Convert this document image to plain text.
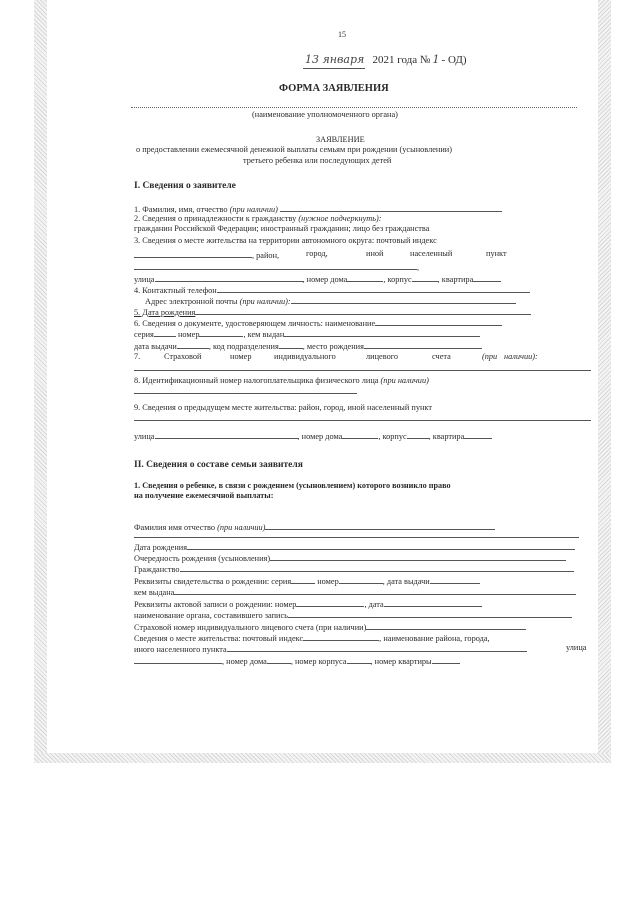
15
13 января 2021 года № 1 - ОД)
ФОРМА ЗАЯВЛЕНИЯ
(наименование уполномоченного органа)
ЗАЯВЛЕНИЕ
о предоставлении ежемесячной денежной выплаты семьям при рождении (усыновлении)
третьего ребенка или последующих детей
I. Сведения о заявителе
1. Фамилия, имя, отчество (при наличии)
2. Сведения о принадлежности к гражданству (нужное подчеркнуть):
гражданин Российской Федерации; иностранный гражданин; лицо без гражданства
3. Сведения о месте жительства на территории автономного округа: почтовый индекс
, район,	город,	иной	населенный	пункт
,
улица	, номер дома	, корпус	, квартира
4. Контактный телефон
Адрес электронной почты (при наличии):
5. Дата рождения
6. Сведения о документе, удостоверяющем личность: наименование
серия	номер	, кем выдан
дата выдачи	, код подразделения	, место рождения
7.	Страховой	номер	индивидуального	лицевого	счета	(при наличии):
8. Идентификационный номер налогоплательщика физического лица (при наличии)
9. Сведения о предыдущем месте жительства: район, город, иной населенный пункт
улица	, номер дома	, корпус	, квартира
II. Сведения о составе семьи заявителя
1. Сведения о ребенке, в связи с рождением (усыновлением) которого возникло право
на получение ежемесячной выплаты:
Фамилия имя отчество (при наличии)
Дата рождения
Очередность рождения (усыновления)
Гражданство
Реквизиты свидетельства о рождении: серия	номер	, дата выдачи
кем выдана
Реквизиты актовой записи о рождении: номер	, дата
наименование органа, составившего запись
Страховой номер индивидуального лицевого счета (при наличии)
Сведения о месте жительства: почтовый индекс	, наименование района, города,
иного населенного пункта	улица
, номер дома	, номер корпуса	, номер квартиры
